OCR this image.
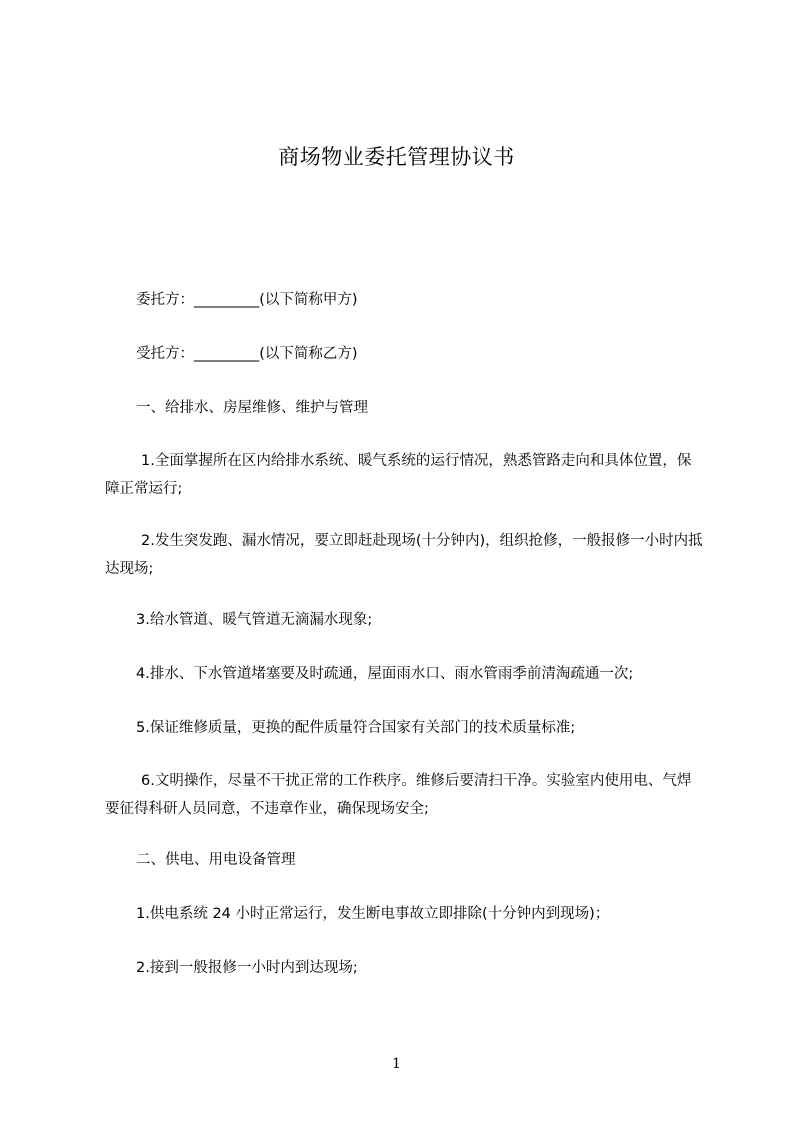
商场物业委托管理协议书

委托方：_________(以下简称甲方)

受托方：_________(以下简称乙方)

一、给排水、房屋维修、维护与管理

1.全面掌握所在区内给排水系统、暖气系统的运行情况，熟悉管路走向和具体位置，保障正常运行;

2.发生突发跑、漏水情况，要立即赶赴现场(十分钟内)，组织抢修，一般报修一小时内抵达现场;

3.给水管道、暖气管道无滴漏水现象;

4.排水、下水管道堵塞要及时疏通，屋面雨水口、雨水管雨季前清淘疏通一次;

5.保证维修质量，更换的配件质量符合国家有关部门的技术质量标准;

6.文明操作，尽量不干扰正常的工作秩序。维修后要清扫干净。实验室内使用电、气焊要征得科研人员同意，不违章作业，确保现场安全;

二、供电、用电设备管理

1.供电系统 24 小时正常运行，发生断电事故立即排除(十分钟内到现场)；

2.接到一般报修一小时内到达现场;

1
